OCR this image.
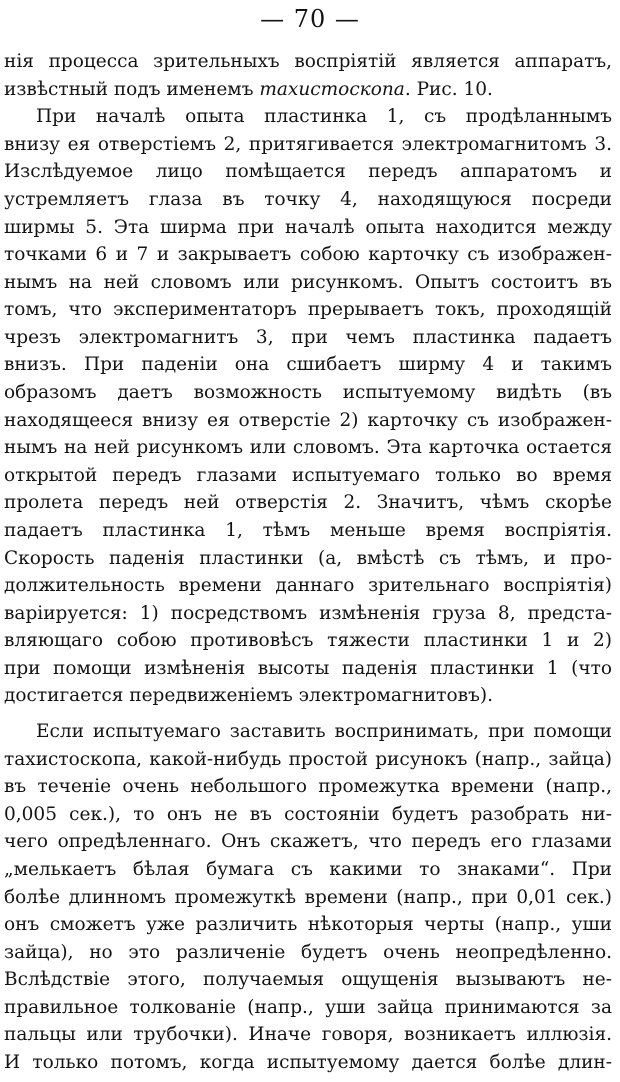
— 70 —
нія процесса зрительныхъ воспріятій является аппаратъ,
извѣстный подъ именемъ тахистоскопа. Рис. 10.
При началѣ опыта пластинка 1, съ продѣланнымъ
внизу ея отверстіемъ 2, притягивается электромагнитомъ 3.
Изслѣдуемое лицо помѣщается передъ аппаратомъ и
устремляетъ глаза въ точку 4, находящуюся посреди
ширмы 5. Эта ширма при началѣ опыта находится между
точками 6 и 7 и закрываетъ собою карточку съ изображен-
нымъ на ней словомъ или рисункомъ. Опытъ состоитъ въ
томъ, что экспериментаторъ прерываетъ токъ, проходящій
чрезъ электромагнитъ 3, при чемъ пластинка падаетъ
внизъ. При паденіи она сшибаетъ ширму 4 и такимъ
образомъ даетъ возможность испытуемому видѣть (въ
находящееся внизу ея отверстіе 2) карточку съ изображен-
нымъ на ней рисункомъ или словомъ. Эта карточка остается
открытой передъ глазами испытуемаго только во время
пролета передъ ней отверстія 2. Значитъ, чѣмъ скорѣе
падаетъ пластинка 1, тѣмъ меньше время воспріятія.
Скорость паденія пластинки (а, вмѣстѣ съ тѣмъ, и про-
должительность времени даннаго зрительнаго воспріятія)
варіируется: 1) посредствомъ измѣненія груза 8, предста-
вляющаго собою противовѣсъ тяжести пластинки 1 и 2)
при помощи измѣненія высоты паденія пластинки 1 (что
достигается передвиженіемъ электромагнитовъ).
Если испытуемаго заставить воспринимать, при помощи
тахистоскопа, какой-нибудь простой рисунокъ (напр., зайца)
въ теченіе очень небольшого промежутка времени (напр.,
0,005 сек.), то онъ не въ состояніи будетъ разобрать ни-
чего опредѣленнаго. Онъ скажетъ, что передъ его глазами
„мелькаетъ бѣлая бумага съ какими то знаками“. При
болѣе длинномъ промежуткѣ времени (напр., при 0,01 сек.)
онъ сможетъ уже различить нѣкоторыя черты (напр., уши
зайца), но это различеніе будетъ очень неопредѣленно.
Вслѣдствіе этого, получаемыя ощущенія вызываютъ не-
правильное толкованіе (напр., уши зайца принимаются за
пальцы или трубочки). Иначе говоря, возникаетъ иллюзія.
И только потомъ, когда испытуемому дается болѣе длин-
